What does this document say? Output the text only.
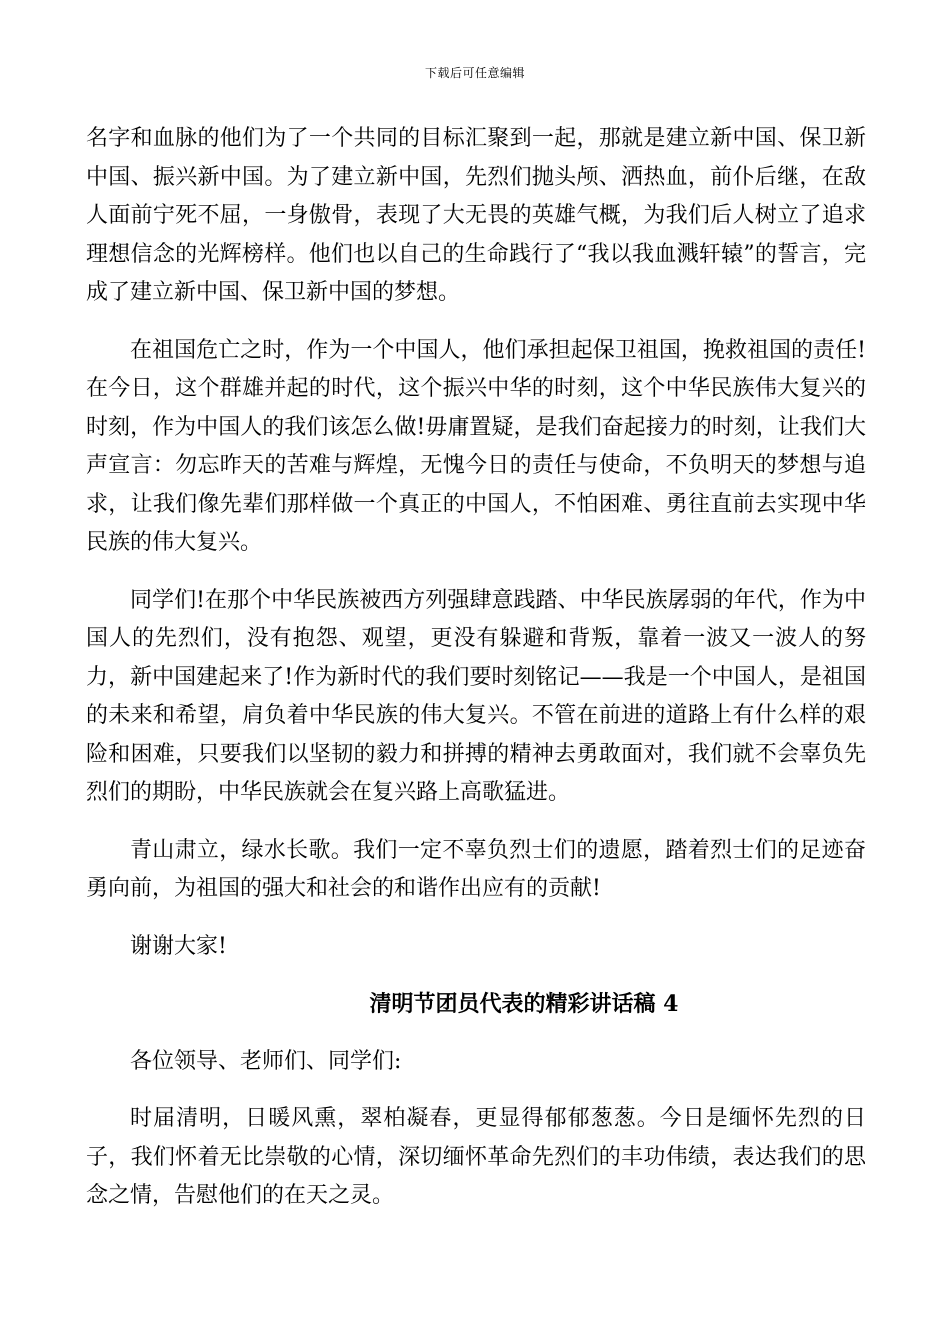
下载后可任意编辑

名字和血脉的他们为了一个共同的目标汇聚到一起，那就是建立新中国、保卫新中国、振兴新中国。为了建立新中国，先烈们抛头颅、洒热血，前仆后继，在敌人面前宁死不屈，一身傲骨，表现了大无畏的英雄气概，为我们后人树立了追求理想信念的光辉榜样。他们也以自己的生命践行了“我以我血溅轩辕”的誓言，完成了建立新中国、保卫新中国的梦想。

在祖国危亡之时，作为一个中国人，他们承担起保卫祖国，挽救祖国的责任!在今日，这个群雄并起的时代，这个振兴中华的时刻，这个中华民族伟大复兴的时刻，作为中国人的我们该怎么做!毋庸置疑，是我们奋起接力的时刻，让我们大声宣言：勿忘昨天的苦难与辉煌，无愧今日的责任与使命，不负明天的梦想与追求，让我们像先辈们那样做一个真正的中国人，不怕困难、勇往直前去实现中华民族的伟大复兴。

同学们!在那个中华民族被西方列强肆意践踏、中华民族孱弱的年代，作为中国人的先烈们，没有抱怨、观望，更没有躲避和背叛，靠着一波又一波人的努力，新中国建起来了!作为新时代的我们要时刻铭记——我是一个中国人，是祖国的未来和希望，肩负着中华民族的伟大复兴。不管在前进的道路上有什么样的艰险和困难，只要我们以坚韧的毅力和拼搏的精神去勇敢面对，我们就不会辜负先烈们的期盼，中华民族就会在复兴路上高歌猛进。

青山肃立，绿水长歌。我们一定不辜负烈士们的遗愿，踏着烈士们的足迹奋勇向前，为祖国的强大和社会的和谐作出应有的贡献!

谢谢大家!

清明节团员代表的精彩讲话稿 4

各位领导、老师们、同学们:

时届清明，日暖风熏，翠柏凝春，更显得郁郁葱葱。今日是缅怀先烈的日子，我们怀着无比崇敬的心情，深切缅怀革命先烈们的丰功伟绩，表达我们的思念之情，告慰他们的在天之灵。
